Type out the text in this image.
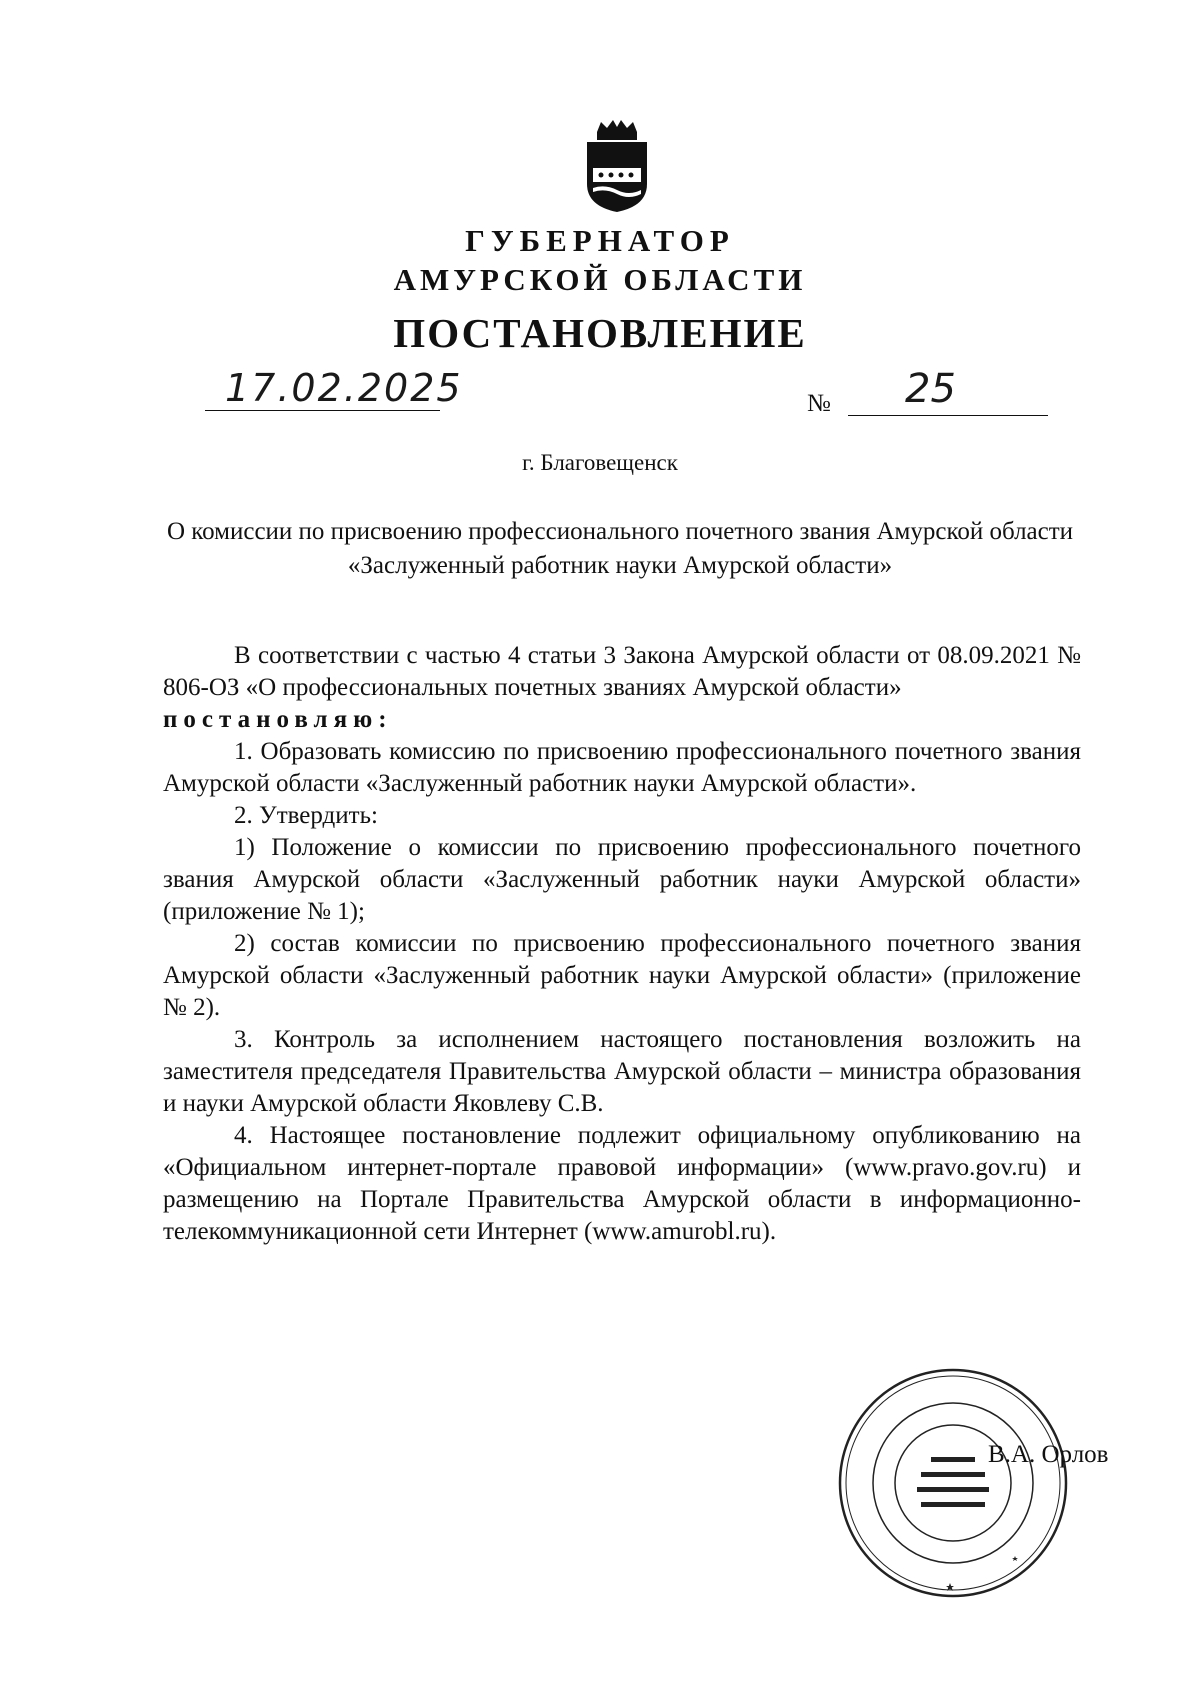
ГУБЕРНАТОР
АМУРСКОЙ ОБЛАСТИ
ПОСТАНОВЛЕНИЕ
17.02.2025	№ 25
г. Благовещенск
О комиссии по присвоению профессионального почетного звания Амурской области «Заслуженный работник науки Амурской области»

В соответствии с частью 4 статьи 3 Закона Амурской области от 08.09.2021 № 806-ОЗ «О профессиональных почетных званиях Амурской области»

постановляю:

1. Образовать комиссию по присвоению профессионального почетного звания Амурской области «Заслуженный работник науки Амурской области».

2. Утвердить:

1) Положение о комиссии по присвоению профессионального почетного звания Амурской области «Заслуженный работник науки Амурской области» (приложение № 1);

2) состав комиссии по присвоению профессионального почетного звания Амурской области «Заслуженный работник науки Амурской области» (приложение № 2).

3. Контроль за исполнением настоящего постановления возложить на заместителя председателя Правительства Амурской области – министра образования и науки Амурской области Яковлеву С.В.

4. Настоящее постановление подлежит официальному опубликованию на «Официальном интернет-портале правовой информации» (www.pravo.gov.ru) и размещению на Портале Правительства Амурской области в информационно-телекоммуникационной сети Интернет (www.amurobl.ru).

В.А. Орлов
